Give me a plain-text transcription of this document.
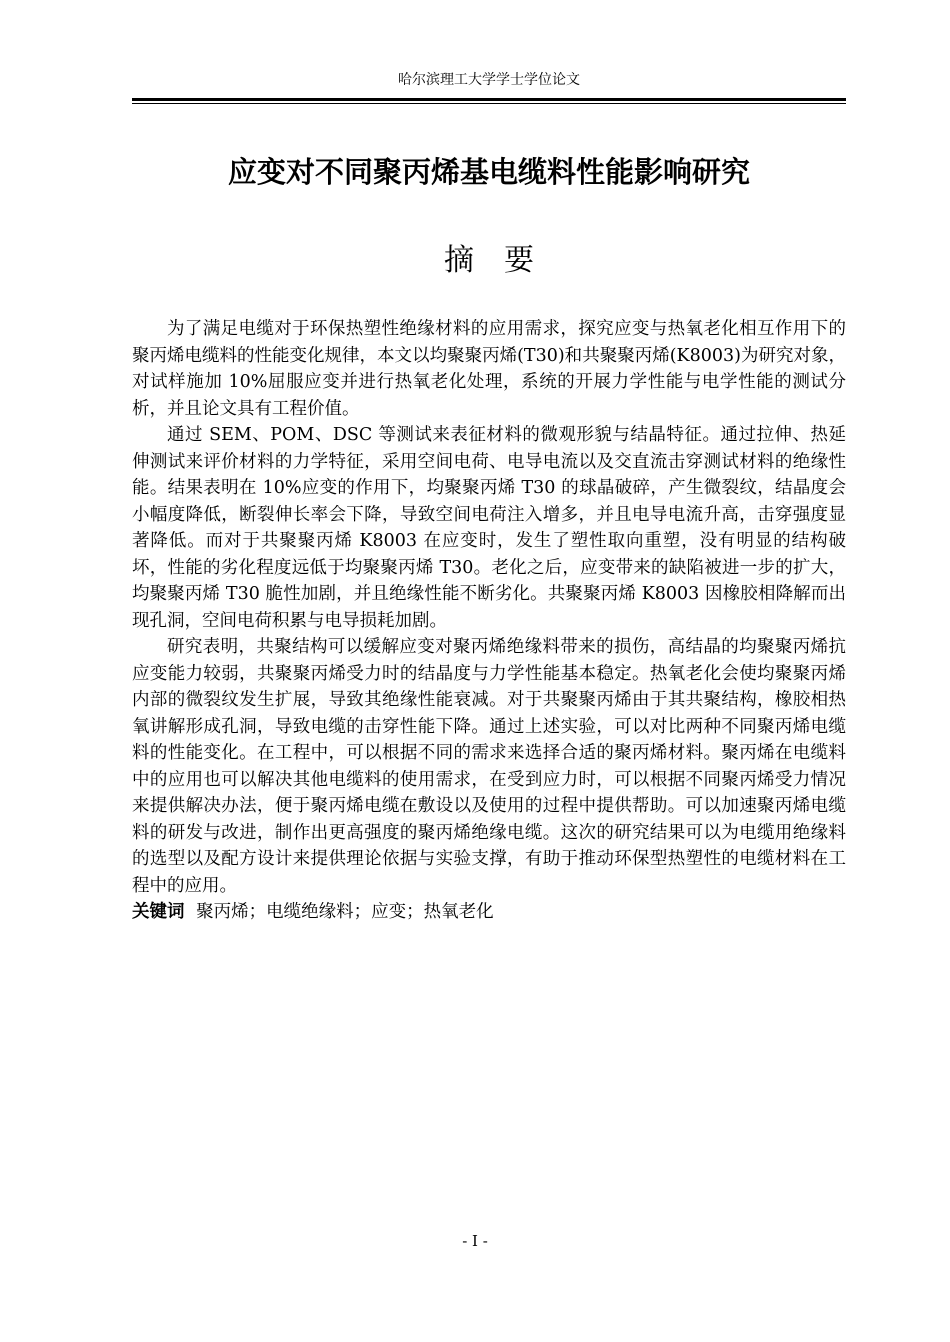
哈尔滨理工大学学士学位论文
应变对不同聚丙烯基电缆料性能影响研究
摘要

为了满足电缆对于环保热塑性绝缘材料的应用需求，探究应变与热氧老化相互作用下的聚丙烯电缆料的性能变化规律，本文以均聚聚丙烯(T30)和共聚聚丙烯(K8003)为研究对象，对试样施加 10%屈服应变并进行热氧老化处理，系统的开展力学性能与电学性能的测试分析，并且论文具有工程价值。

通过 SEM、POM、DSC 等测试来表征材料的微观形貌与结晶特征。通过拉伸、热延伸测试来评价材料的力学特征，采用空间电荷、电导电流以及交直流击穿测试材料的绝缘性能。结果表明在 10%应变的作用下，均聚聚丙烯 T30 的球晶破碎，产生微裂纹，结晶度会小幅度降低，断裂伸长率会下降，导致空间电荷注入增多，并且电导电流升高，击穿强度显著降低。而对于共聚聚丙烯 K8003 在应变时，发生了塑性取向重塑，没有明显的结构破坏，性能的劣化程度远低于均聚聚丙烯 T30。老化之后，应变带来的缺陷被进一步的扩大，均聚聚丙烯 T30 脆性加剧，并且绝缘性能不断劣化。共聚聚丙烯 K8003 因橡胶相降解而出现孔洞，空间电荷积累与电导损耗加剧。

研究表明，共聚结构可以缓解应变对聚丙烯绝缘料带来的损伤，高结晶的均聚聚丙烯抗应变能力较弱，共聚聚丙烯受力时的结晶度与力学性能基本稳定。热氧老化会使均聚聚丙烯内部的微裂纹发生扩展，导致其绝缘性能衰减。对于共聚聚丙烯由于其共聚结构，橡胶相热氧讲解形成孔洞，导致电缆的击穿性能下降。通过上述实验，可以对比两种不同聚丙烯电缆料的性能变化。在工程中，可以根据不同的需求来选择合适的聚丙烯材料。聚丙烯在电缆料中的应用也可以解决其他电缆料的使用需求，在受到应力时，可以根据不同聚丙烯受力情况来提供解决办法，便于聚丙烯电缆在敷设以及使用的过程中提供帮助。可以加速聚丙烯电缆料的研发与改进，制作出更高强度的聚丙烯绝缘电缆。这次的研究结果可以为电缆用绝缘料的选型以及配方设计来提供理论依据与实验支撑，有助于推动环保型热塑性的电缆材料在工程中的应用。

关键词 聚丙烯；电缆绝缘料；应变；热氧老化
- I -
